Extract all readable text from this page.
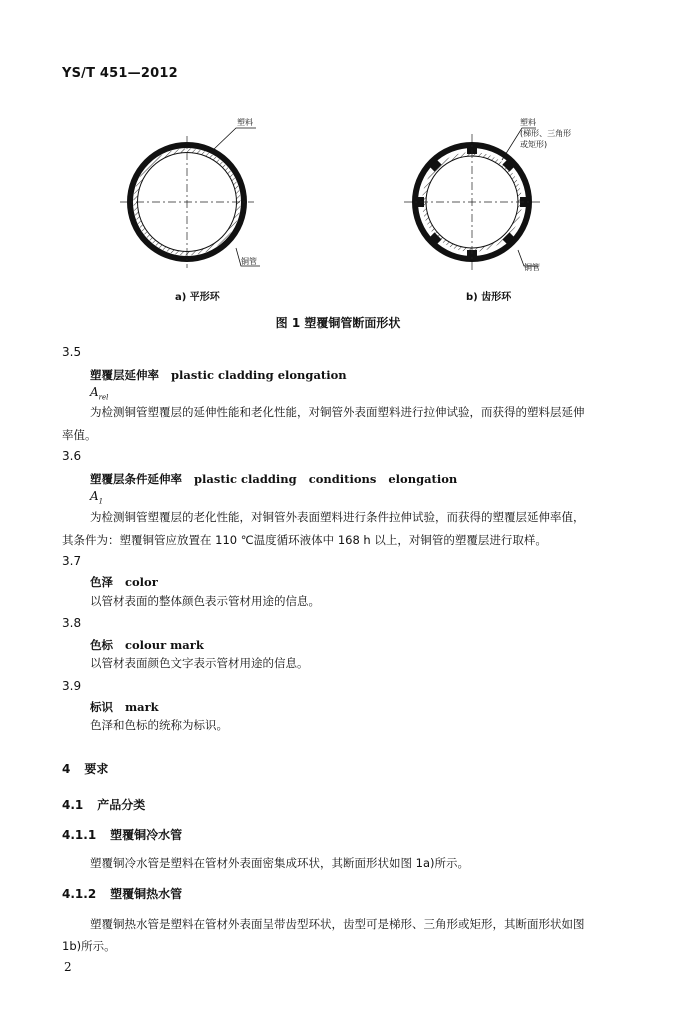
YS/T 451—2012
塑料
铜管
a) 平形环
塑料
(梯形、三角形
或矩形)
铜管
b) 齿形环
图 1 塑覆铜管断面形状
3.5
塑覆层延伸率 plastic cladding elongation
$A_{rel}$
为检测铜管塑覆层的延伸性能和老化性能，对铜管外表面塑料进行拉伸试验，而获得的塑料层延伸
率值。
3.6
塑覆层条件延伸率 plastic cladding   conditions   elongation
$A_1$
为检测铜管塑覆层的老化性能，对铜管外表面塑料进行条件拉伸试验，而获得的塑覆层延伸率值，
其条件为：塑覆铜管应放置在 110 ℃温度循环液体中 168 h 以上，对铜管的塑覆层进行取样。
3.7
色泽 color
以管材表面的整体颜色表示管材用途的信息。
3.8
色标 colour mark
以管材表面颜色文字表示管材用途的信息。
3.9
标识 mark
色泽和色标的统称为标识。
4 要求
4.1 产品分类
4.1.1 塑覆铜冷水管
塑覆铜冷水管是塑料在管材外表面密集成环状，其断面形状如图 1a)所示。
4.1.2 塑覆铜热水管
塑覆铜热水管是塑料在管材外表面呈带齿型环状，齿型可是梯形、三角形或矩形，其断面形状如图
1b)所示。
2
